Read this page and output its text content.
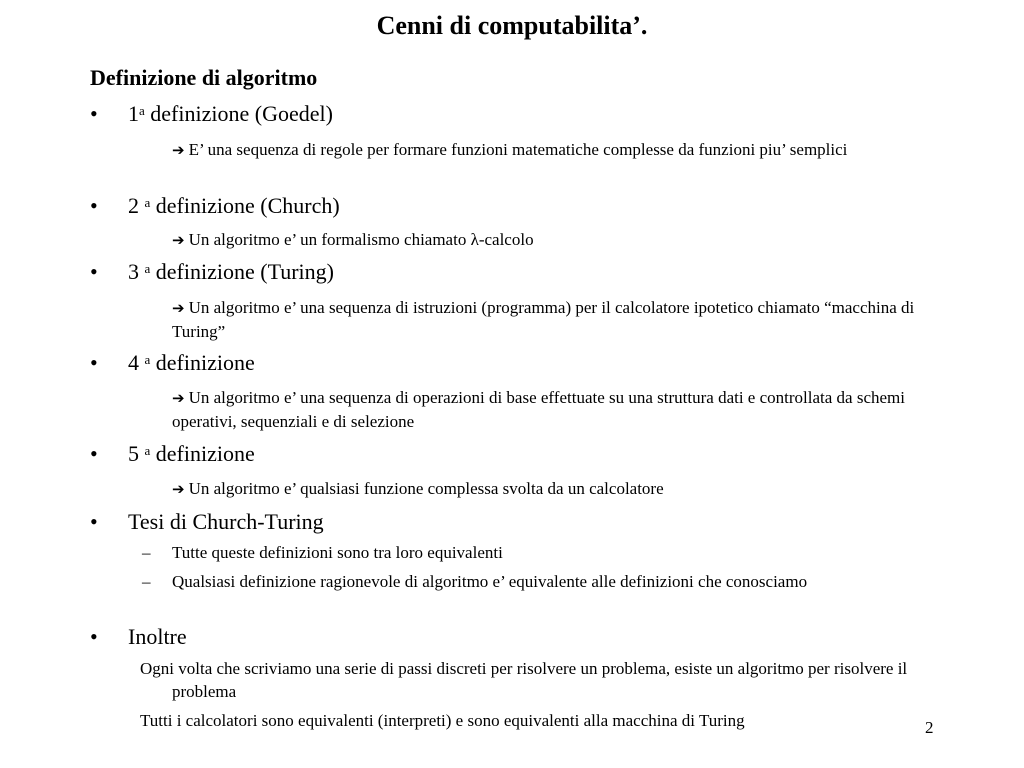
Cenni di computabilita’.
Definizione di algoritmo
• 1$^a$ definizione (Goedel)
➔ E’ una sequenza di regole per formare funzioni matematiche complesse da funzioni piu’ semplici
• 2 $^a$ definizione (Church)
➔ Un algoritmo e’ un formalismo chiamato λ-calcolo
• 3 $^a$ definizione (Turing)
➔ Un algoritmo e’ una sequenza di istruzioni (programma) per il calcolatore ipotetico chiamato “macchina di Turing”
• 4 $^a$ definizione
➔ Un algoritmo e’ una sequenza di operazioni di base effettuate su una struttura dati e controllata da schemi operativi, sequenziali e di selezione
• 5 $^a$ definizione
➔ Un algoritmo e’ qualsiasi funzione complessa svolta da un calcolatore
• Tesi di Church-Turing
– Tutte queste definizioni sono tra loro equivalenti
– Qualsiasi definizione ragionevole di algoritmo e’ equivalente alle definizioni che conosciamo
• Inoltre
Ogni volta che scriviamo una serie di passi discreti per risolvere un problema, esiste un algoritmo per risolvere il problema
Tutti i calcolatori sono equivalenti (interpreti) e sono equivalenti alla macchina di Turing	2
